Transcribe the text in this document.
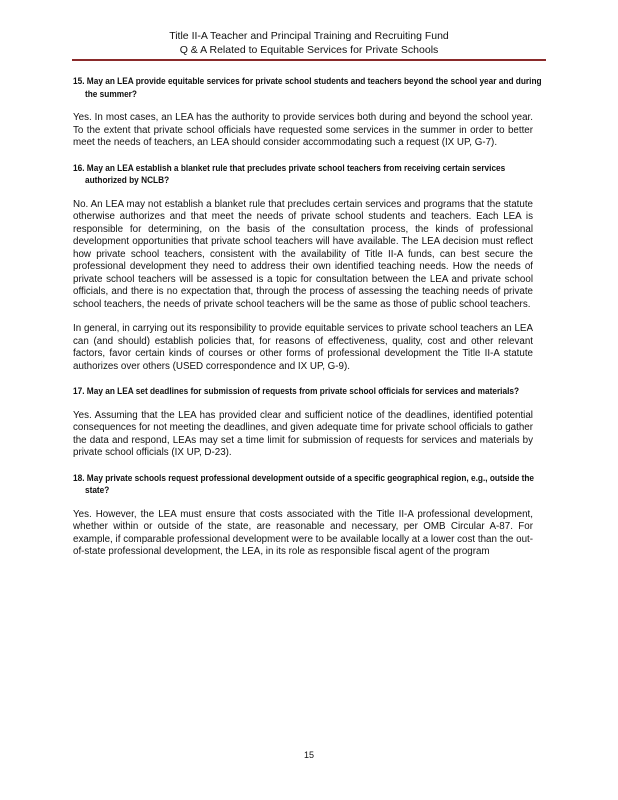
Title II-A Teacher and Principal Training and Recruiting Fund
Q & A Related to Equitable Services for Private Schools
15. May an LEA provide equitable services for private school students and teachers beyond the school year and during the summer?
Yes. In most cases, an LEA has the authority to provide services both during and beyond the school year. To the extent that private school officials have requested some services in the summer in order to better meet the needs of teachers, an LEA should consider accommodating such a request (IX UP, G-7).
16. May an LEA establish a blanket rule that precludes private school teachers from receiving certain services authorized by NCLB?
No. An LEA may not establish a blanket rule that precludes certain services and programs that the statute otherwise authorizes and that meet the needs of private school students and teachers. Each LEA is responsible for determining, on the basis of the consultation process, the kinds of professional development opportunities that private school teachers will have available. The LEA decision must reflect how private school teachers, consistent with the availability of Title II-A funds, can best secure the professional development they need to address their own identified teaching needs. How the needs of private school teachers will be assessed is a topic for consultation between the LEA and private school officials, and there is no expectation that, through the process of assessing the teaching needs of private school teachers, the needs of private school teachers will be the same as those of public school teachers.
In general, in carrying out its responsibility to provide equitable services to private school teachers an LEA can (and should) establish policies that, for reasons of effectiveness, quality, cost and other relevant factors, favor certain kinds of courses or other forms of professional development the Title II-A statute authorizes over others (USED correspondence and IX UP, G-9).
17. May an LEA set deadlines for submission of requests from private school officials for services and materials?
Yes. Assuming that the LEA has provided clear and sufficient notice of the deadlines, identified potential consequences for not meeting the deadlines, and given adequate time for private school officials to gather the data and respond, LEAs may set a time limit for submission of requests for services and materials by private school officials (IX UP, D-23).
18. May private schools request professional development outside of a specific geographical region, e.g., outside the state?
Yes. However, the LEA must ensure that costs associated with the Title II-A professional development, whether within or outside of the state, are reasonable and necessary, per OMB Circular A-87. For example, if comparable professional development were to be available locally at a lower cost than the out-of-state professional development, the LEA, in its role as responsible fiscal agent of the program
15
